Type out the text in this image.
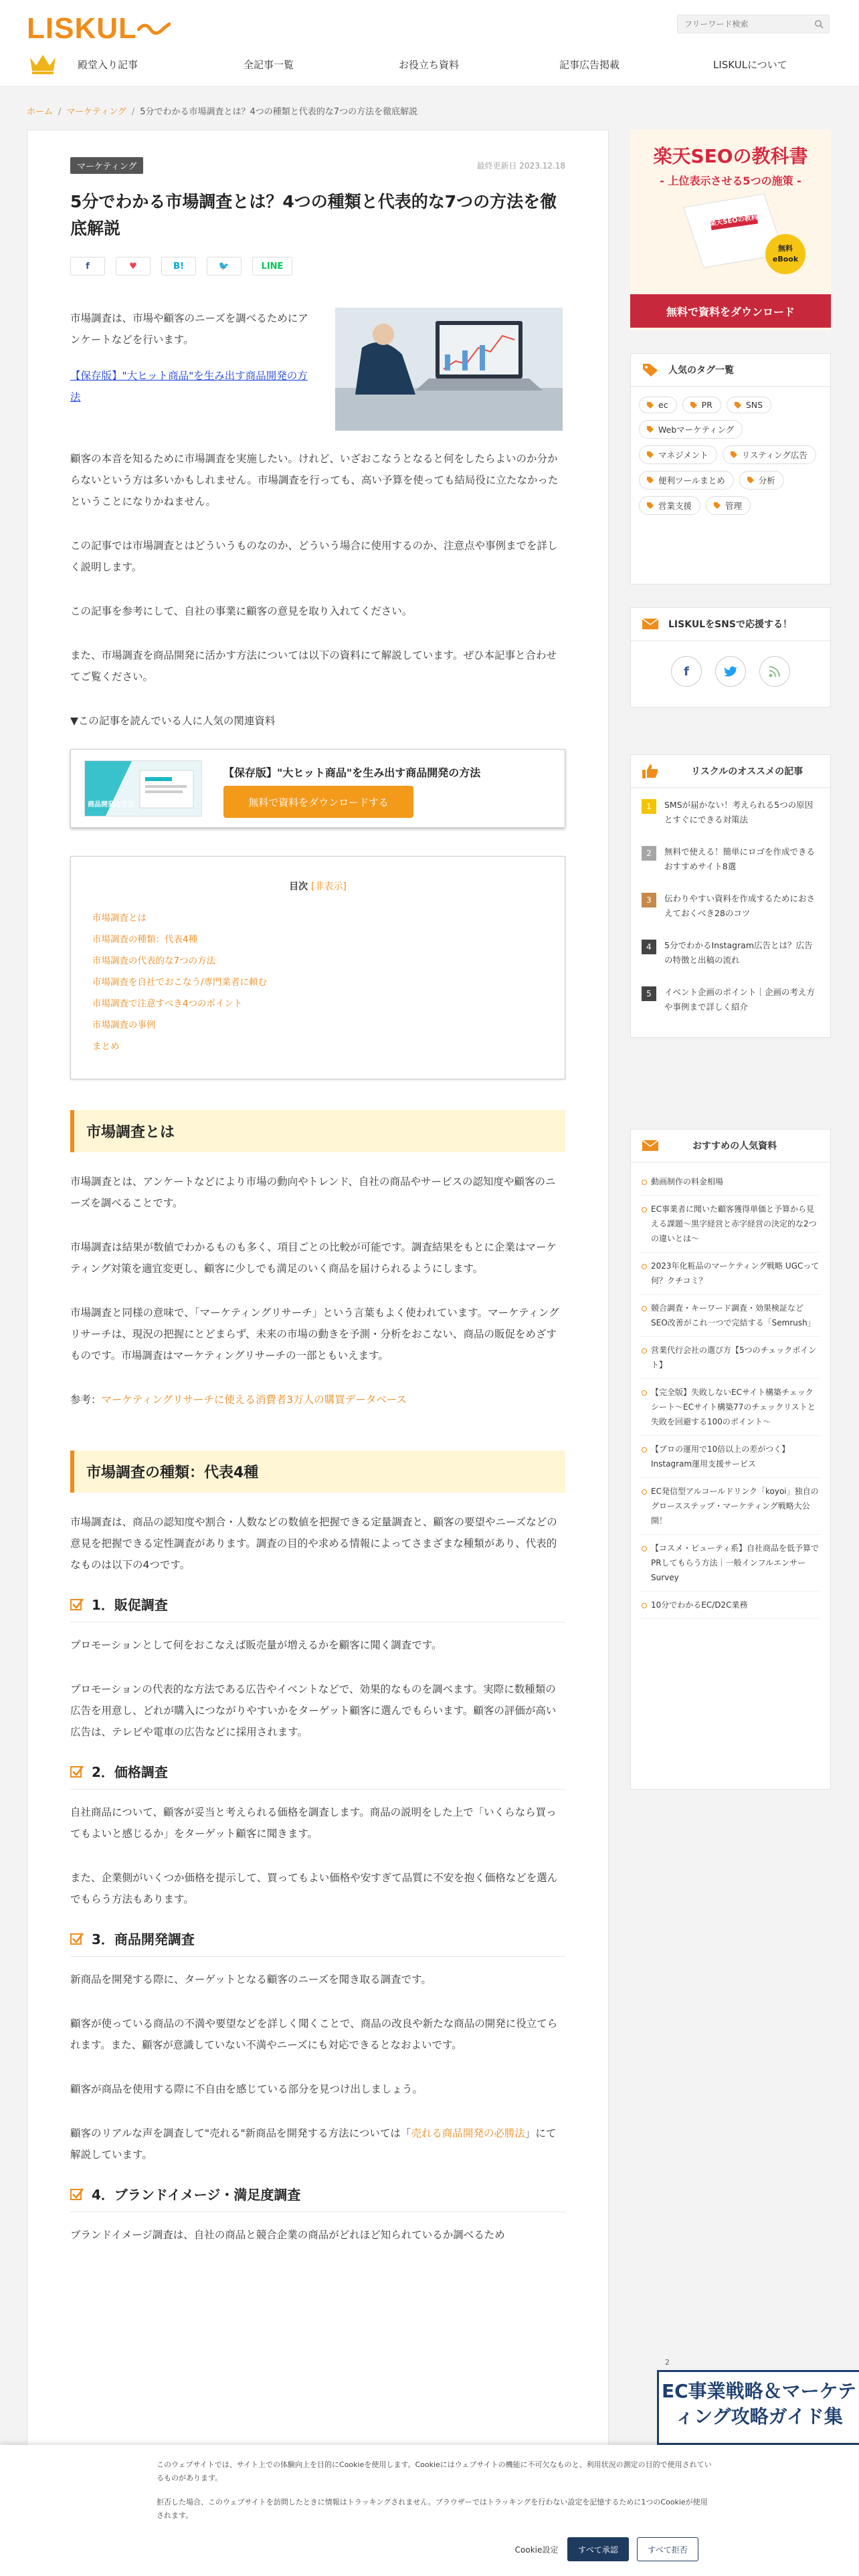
LISKUL
フリーワード検索
殿堂入り記事	全記事一覧	お役立ち資料	記事広告掲載	LISKULについて
ホーム / マーケティング / 5分でわかる市場調査とは？4つの種類と代表的な7つの方法を徹底解説
マーケティング	最終更新日 2023.12.18
5分でわかる市場調査とは？4つの種類と代表的な7つの方法を徹底解説
f	♥	B!	🐦	LINE

市場調査は、市場や顧客のニーズを調べるためにアンケートなどを行います。

【保存版】"大ヒット商品"を生み出す商品開発の方法

顧客の本音を知るために市場調査を実施したい。けれど、いざおこなうとなると何をしたらよいのか分からないという方は多いかもしれません。市場調査を行っても、高い予算を使っても結局役に立たなかったということになりかねません。

この記事では市場調査とはどういうものなのか、どういう場合に使用するのか、注意点や事例までを詳しく説明します。

この記事を参考にして、自社の事業に顧客の意見を取り入れてください。

また、市場調査を商品開発に活かす方法については以下の資料にて解説しています。ぜひ本記事と合わせてご覧ください。

▼この記事を読んでいる人に人気の関連資料

商品開発の方法
【保存版】"大ヒット商品"を生み出す商品開発の方法
無料で資料をダウンロードする
目次 [非表示]
市場調査とは
市場調査の種類：代表4種
市場調査の代表的な7つの方法
市場調査を自社でおこなう/専門業者に頼む
市場調査で注意すべき4つのポイント
市場調査の事例
まとめ
市場調査とは

市場調査とは、アンケートなどにより市場の動向やトレンド、自社の商品やサービスの認知度や顧客のニーズを調べることです。

市場調査は結果が数値でわかるものも多く、項目ごとの比較が可能です。調査結果をもとに企業はマーケティング対策を適宜変更し、顧客に少しでも満足のいく商品を届けられるようにします。

市場調査と同様の意味で、「マーケティングリサーチ」という言葉もよく使われています。マーケティングリサーチは、現況の把握にとどまらず、未来の市場の動きを予測・分析をおこない、商品の販促をめざすものです。市場調査はマーケティングリサーチの一部ともいえます。

参考：マーケティングリサーチに使える消費者3万人の購買データベース

市場調査の種類：代表4種

市場調査は、商品の認知度や割合・人数などの数値を把握できる定量調査と、顧客の要望やニーズなどの意見を把握できる定性調査があります。調査の目的や求める情報によってさまざまな種類があり、代表的なものは以下の4つです。

1．販促調査

プロモーションとして何をおこなえば販売量が増えるかを顧客に聞く調査です。

プロモーションの代表的な方法である広告やイベントなどで、効果的なものを調べます。実際に数種類の広告を用意し、どれが購入につながりやすいかをターゲット顧客に選んでもらいます。顧客の評価が高い広告は、テレビや電車の広告などに採用されます。

2．価格調査

自社商品について、顧客が妥当と考えられる価格を調査します。商品の説明をした上で「いくらなら買ってもよいと感じるか」をターゲット顧客に聞きます。

また、企業側がいくつか価格を提示して、買ってもよい価格や安すぎて品質に不安を抱く価格などを選んでもらう方法もあります。

3．商品開発調査

新商品を開発する際に、ターゲットとなる顧客のニーズを聞き取る調査です。

顧客が使っている商品の不満や要望などを詳しく聞くことで、商品の改良や新たな商品の開発に役立てられます。また、顧客が意識していない不満やニーズにも対応できるとなおよいです。

顧客が商品を使用する際に不自由を感じている部分を見つけ出しましょう。

顧客のリアルな声を調査して"売れる"新商品を開発する方法については「売れる商品開発の必勝法」にて解説しています。

4．ブランドイメージ・満足度調査

ブランドイメージ調査は、自社の商品と競合企業の商品がどれほど知られているか調べるため

楽天SEOの教科書
- 上位表示させる5つの施策 -
楽天SEOの教科書
無料
eBook
無料で資料をダウンロード
人気のタグ一覧
ec	PR	SNS
Webマーケティング
マネジメント	リスティング広告
便利ツールまとめ	分析
営業支援	管理
LISKULをSNSで応援する！
f
リスクルのオススメの記事
1	SMSが届かない！考えられる5つの原因とすぐにできる対策法
2	無料で使える！簡単にロゴを作成できるおすすめサイト8選
3	伝わりやすい資料を作成するためにおさえておくべき28のコツ
4	5分でわかるInstagram広告とは？広告の特徴と出稿の流れ
5	イベント企画のポイント｜企画の考え方や事例まで詳しく紹介
おすすめの人気資料
動画制作の料金相場
EC事業者に聞いた顧客獲得単価と予算から見える課題〜黒字経営と赤字経営の決定的な2つの違いとは〜
2023年化粧品のマーケティング戦略 UGCって何？クチコミ？
競合調査・キーワード調査・効果検証などSEO改善がこれ一つで完結する「Semrush」
営業代行会社の選び方【5つのチェックポイント】
【完全版】失敗しないECサイト構築チェックシート〜ECサイト構築77のチェックリストと失敗を回避する100のポイント〜
【プロの運用で10倍以上の差がつく】Instagram運用支援サービス
EC発信型アルコールドリンク「koyoi」独自のグロースステップ・マーケティング戦略大公開！
【コスメ・ビューティ系】自社商品を低予算でPRしてもらう方法｜一般インフルエンサーSurvey
10分でわかるEC/D2C業務
2
EC事業戦略＆マーケティング攻略ガイド集

このウェブサイトでは、サイト上での体験向上を目的にCookieを使用します。Cookieにはウェブサイトの機能に不可欠なものと、利用状況の測定の目的で使用されているものがあります。

拒否した場合、このウェブサイトを訪問したときに情報はトラッキングされません。ブラウザーではトラッキングを行わない設定を記憶するために1つのCookieが使用されます。

Cookie設定	すべて承認	すべて拒否
